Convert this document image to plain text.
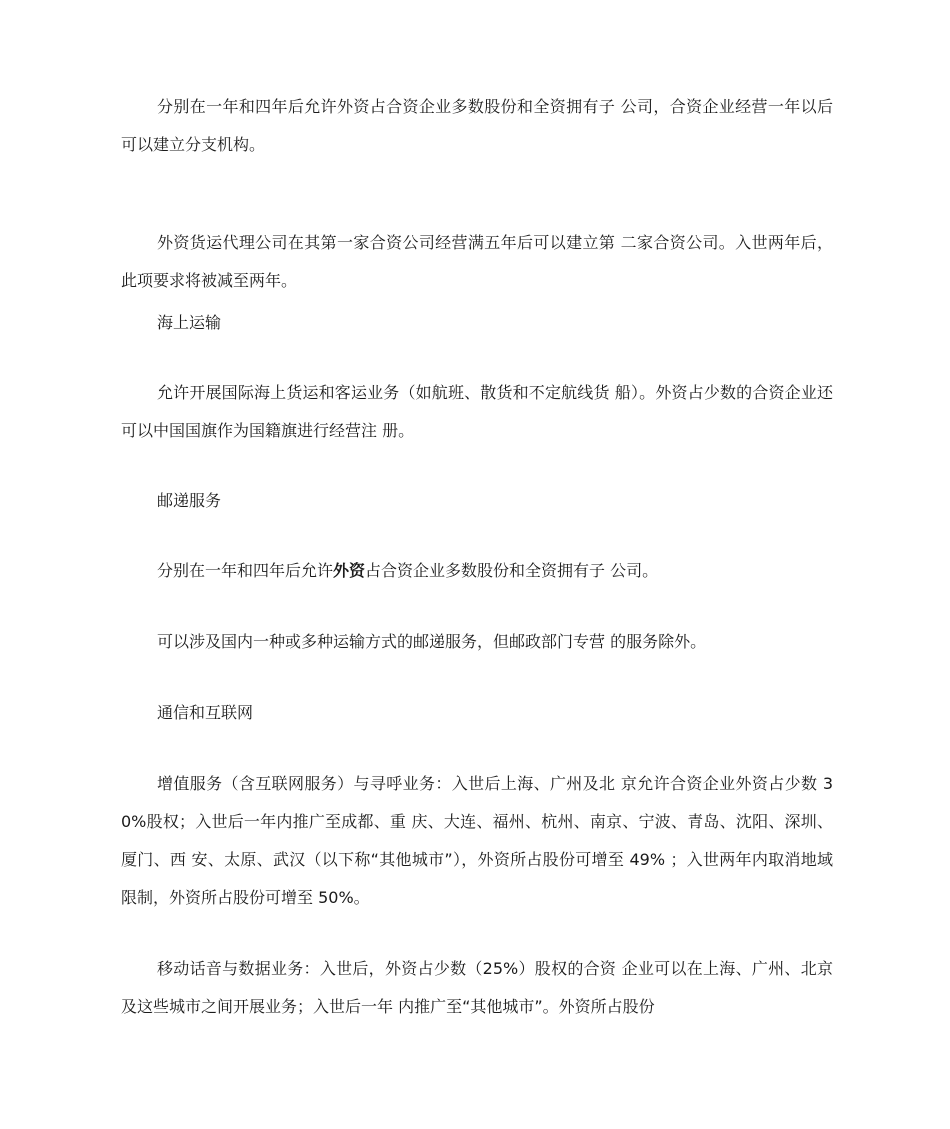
分别在一年和四年后允许外资占合资企业多数股份和全资拥有子 公司，合资企业经营一年以后可以建立分支机构。

外资货运代理公司在其第一家合资公司经营满五年后可以建立第 二家合资公司。入世两年后，此项要求将被减至两年。

海上运输

允许开展国际海上货运和客运业务（如航班、散货和不定航线货 船）。外资占少数的合资企业还可以中国国旗作为国籍旗进行经营注 册。

邮递服务

分别在一年和四年后允许外资占合资企业多数股份和全资拥有子 公司。

可以涉及国内一种或多种运输方式的邮递服务，但邮政部门专营 的服务除外。

通信和互联网

增值服务（含互联网服务）与寻呼业务：入世后上海、广州及北 京允许合资企业外资占少数 30%股权；入世后一年内推广至成都、重 庆、大连、福州、杭州、南京、宁波、青岛、沈阳、深圳、厦门、西 安、太原、武汉（以下称“其他城市”），外资所占股份可增至 49% ；入世两年内取消地域限制，外资所占股份可增至 50%。

移动话音与数据业务：入世后，外资占少数（25%）股权的合资 企业可以在上海、广州、北京及这些城市之间开展业务；入世后一年 内推广至“其他城市”。外资所占股份
